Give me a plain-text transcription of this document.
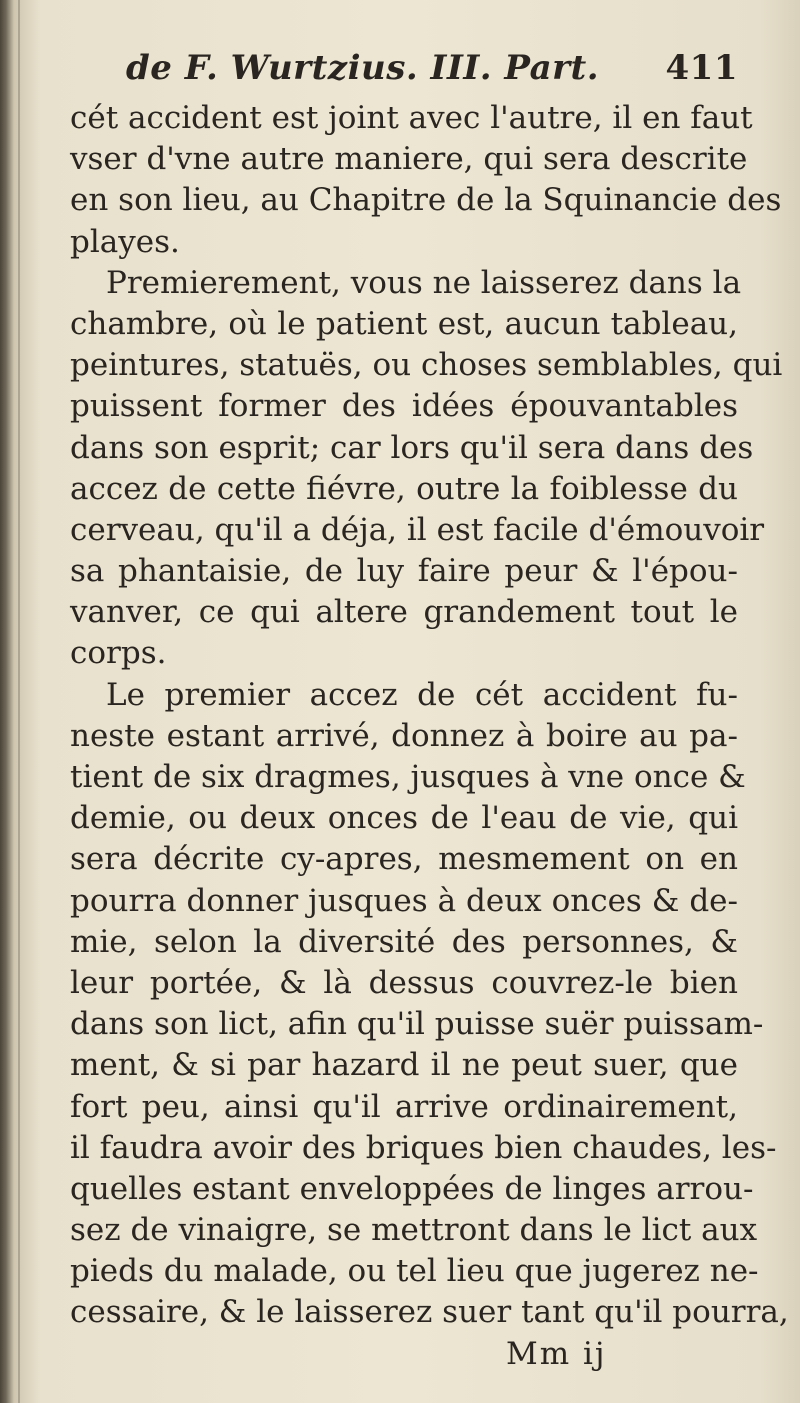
de F. Wurtzius. III. Part. 411
cét accident est joint avec l'autre, il en faut
vser d'vne autre maniere, qui sera descrite
en son lieu, au Chapitre de la Squinancie des
playes.
Premierement, vous ne laisserez dans la
chambre, où le patient est, aucun tableau,
peintures, statuës, ou choses semblables, qui
puissent former des idées épouvantables
dans son esprit; car lors qu'il sera dans des
accez de cette fiévre, outre la foiblesse du
cerveau, qu'il a déja, il est facile d'émouvoir
sa phantaisie, de luy faire peur & l'épou-
vanver, ce qui altere grandement tout le
corps.
Le premier accez de cét accident fu-
neste estant arrivé, donnez à boire au pa-
tient de six dragmes, jusques à vne once &
demie, ou deux onces de l'eau de vie, qui
sera décrite cy-apres, mesmement on en
pourra donner jusques à deux onces & de-
mie, selon la diversité des personnes, &
leur portée, & là dessus couvrez-le bien
dans son lict, afin qu'il puisse suër puissam-
ment, & si par hazard il ne peut suer, que
fort peu, ainsi qu'il arrive ordinairement,
il faudra avoir des briques bien chaudes, les-
quelles estant enveloppées de linges arrou-
sez de vinaigre, se mettront dans le lict aux
pieds du malade, ou tel lieu que jugerez ne-
cessaire, & le laisserez suer tant qu'il pourra,
Mm ij
